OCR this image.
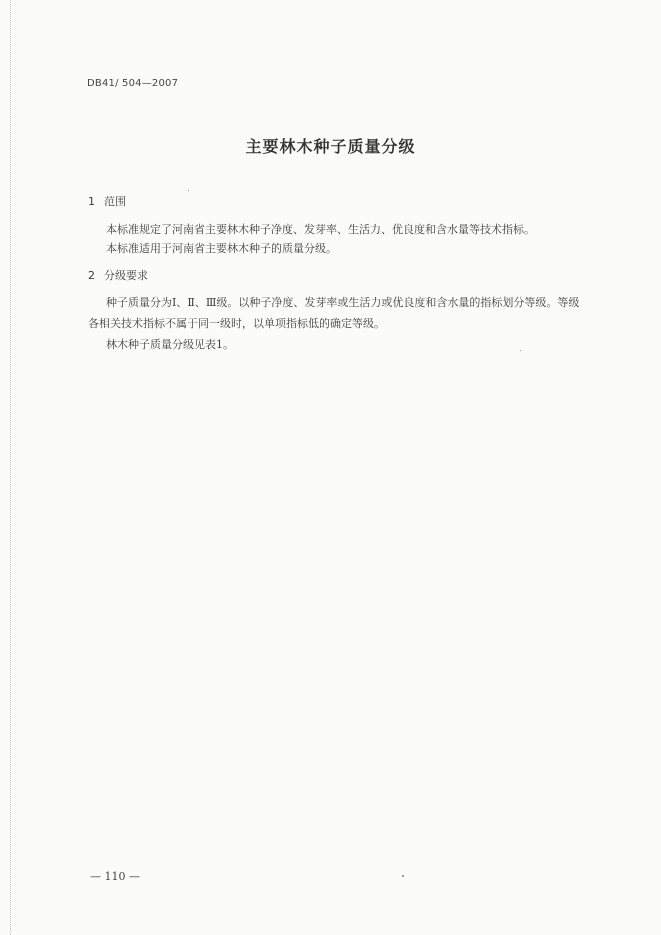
DB41/ 504—2007
主要林木种子质量分级
1 范围
本标准规定了河南省主要林木种子净度、发芽率、生活力、优良度和含水量等技术指标。
本标准适用于河南省主要林木种子的质量分级。
2 分级要求
种子质量分为Ⅰ、Ⅱ、Ⅲ级。以种子净度、发芽率或生活力或优良度和含水量的指标划分等级。等级各相关技术指标不属于同一级时，以单项指标低的确定等级。
林木种子质量分级见表1。
— 110 —
